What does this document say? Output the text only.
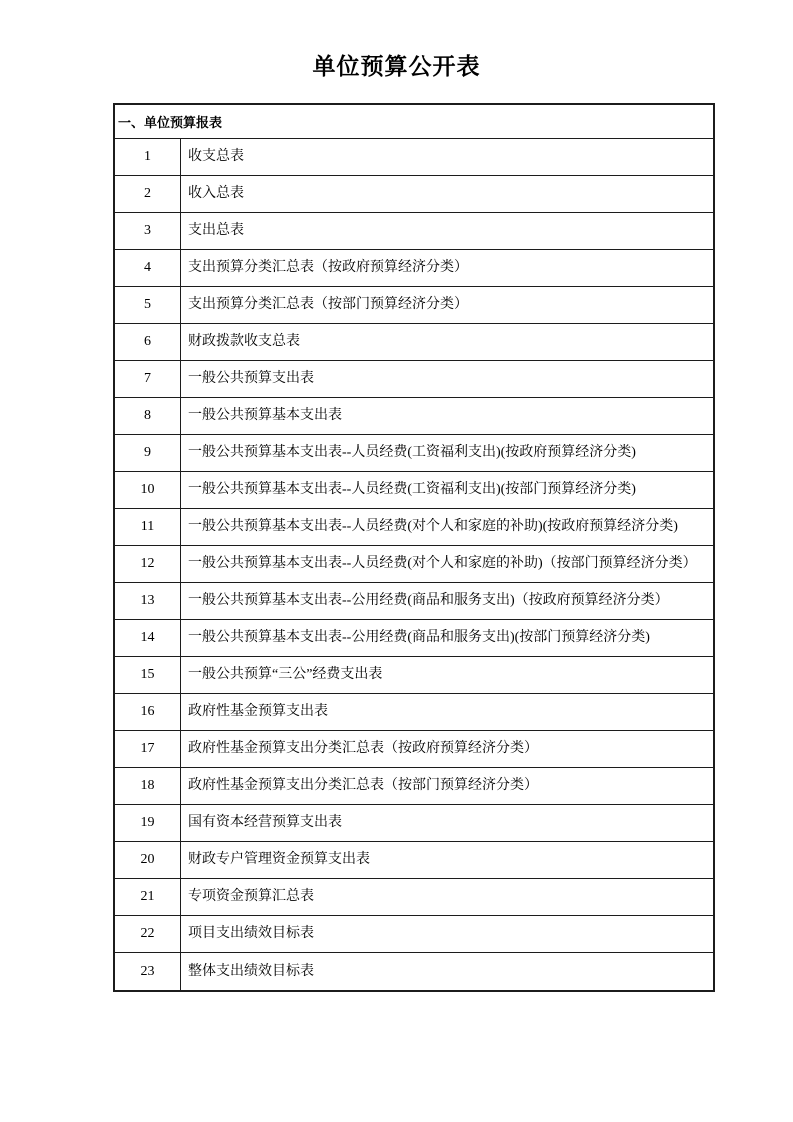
单位预算公开表
一、单位预算报表
1	收支总表
2	收入总表
3	支出总表
4	支出预算分类汇总表（按政府预算经济分类）
5	支出预算分类汇总表（按部门预算经济分类）
6	财政拨款收支总表
7	一般公共预算支出表
8	一般公共预算基本支出表
9	一般公共预算基本支出表--人员经费(工资福利支出)(按政府预算经济分类)
10	一般公共预算基本支出表--人员经费(工资福利支出)(按部门预算经济分类)
11	一般公共预算基本支出表--人员经费(对个人和家庭的补助)(按政府预算经济分类)
12	一般公共预算基本支出表--人员经费(对个人和家庭的补助)（按部门预算经济分类）
13	一般公共预算基本支出表--公用经费(商品和服务支出)（按政府预算经济分类）
14	一般公共预算基本支出表--公用经费(商品和服务支出)(按部门预算经济分类)
15	一般公共预算“三公”经费支出表
16	政府性基金预算支出表
17	政府性基金预算支出分类汇总表（按政府预算经济分类）
18	政府性基金预算支出分类汇总表（按部门预算经济分类）
19	国有资本经营预算支出表
20	财政专户管理资金预算支出表
21	专项资金预算汇总表
22	项目支出绩效目标表
23	整体支出绩效目标表
